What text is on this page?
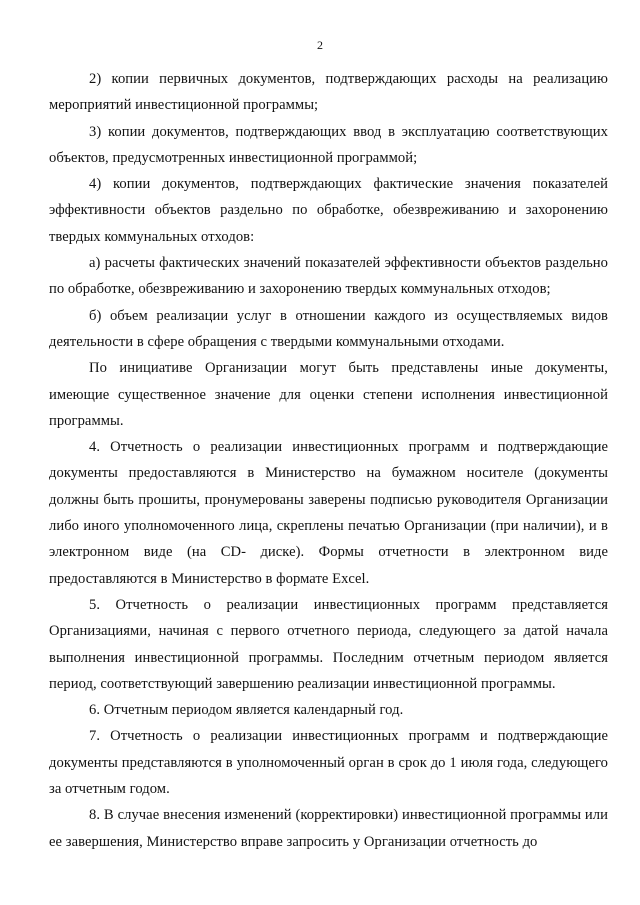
2

2) копии первичных документов, подтверждающих расходы на реализацию мероприятий инвестиционной программы;

3) копии документов, подтверждающих ввод в эксплуатацию соответствующих объектов, предусмотренных инвестиционной программой;

4) копии документов, подтверждающих фактические значения показателей эффективности объектов раздельно по обработке, обезвреживанию и захоронению твердых коммунальных отходов:

а) расчеты фактических значений показателей эффективности объектов раздельно по обработке, обезвреживанию и захоронению твердых коммунальных отходов;

б) объем реализации услуг в отношении каждого из осуществляемых видов деятельности в сфере обращения с твердыми коммунальными отходами.

По инициативе Организации могут быть представлены иные документы, имеющие существенное значение для оценки степени исполнения инвестиционной программы.

4. Отчетность о реализации инвестиционных программ и подтверждающие документы предоставляются в Министерство на бумажном носителе (документы должны быть прошиты, пронумерованы заверены подписью руководителя Организации либо иного уполномоченного лица, скреплены печатью Организации (при наличии), и в электронном виде (на CD- диске). Формы отчетности в электронном виде предоставляются в Министерство в формате Excel.

5. Отчетность о реализации инвестиционных программ представляется Организациями, начиная с первого отчетного периода, следующего за датой начала выполнения инвестиционной программы. Последним отчетным периодом является период, соответствующий завершению реализации инвестиционной программы.

6. Отчетным периодом является календарный год.

7. Отчетность о реализации инвестиционных программ и подтверждающие документы представляются в уполномоченный орган в срок до 1 июля года, следующего за отчетным годом.

8. В случае внесения изменений (корректировки) инвестиционной программы или ее завершения, Министерство вправе запросить у Организации отчетность до
